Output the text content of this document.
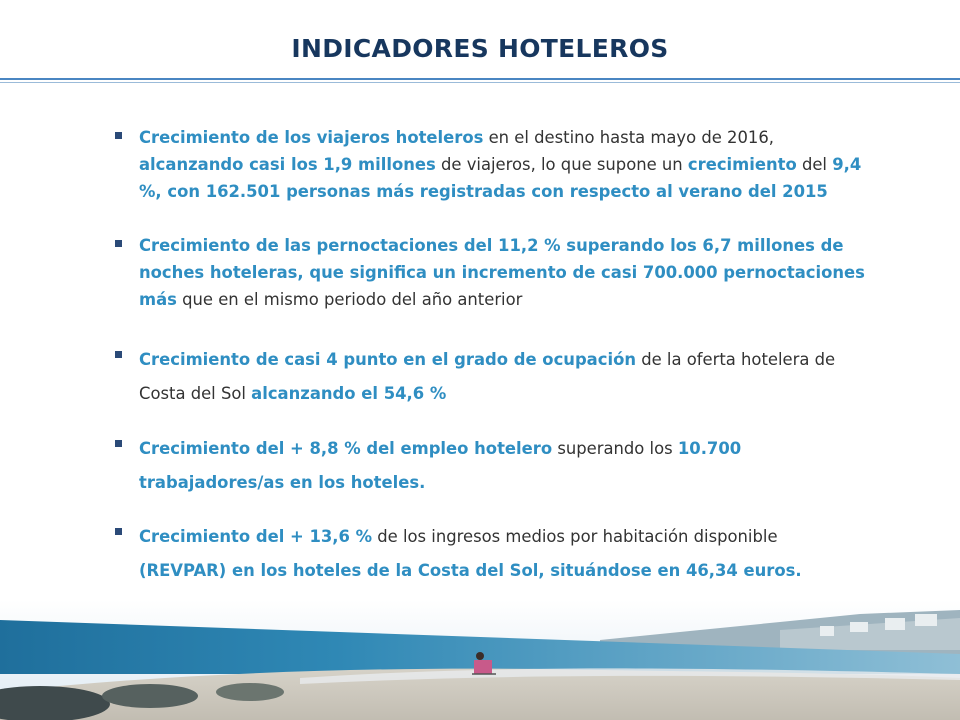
INDICADORES HOTELEROS
Crecimiento de los viajeros hoteleros en el destino hasta mayo de 2016, alcanzando casi los 1,9 millones de viajeros, lo que supone un crecimiento del 9,4 %, con 162.501 personas más registradas con respecto al verano del 2015
Crecimiento de las pernoctaciones del 11,2 % superando los 6,7 millones de noches hoteleras, que significa un incremento de casi 700.000 pernoctaciones más que en el mismo periodo del año anterior
Crecimiento de casi 4 punto en el grado de ocupación de la oferta hotelera de Costa del Sol alcanzando el 54,6 %
Crecimiento del + 8,8 % del empleo hotelero superando los 10.700 trabajadores/as en los hoteles.
Crecimiento del + 13,6 % de los ingresos medios por habitación disponible (REVPAR) en los hoteles de la Costa del Sol, situándose en 46,34 euros.
